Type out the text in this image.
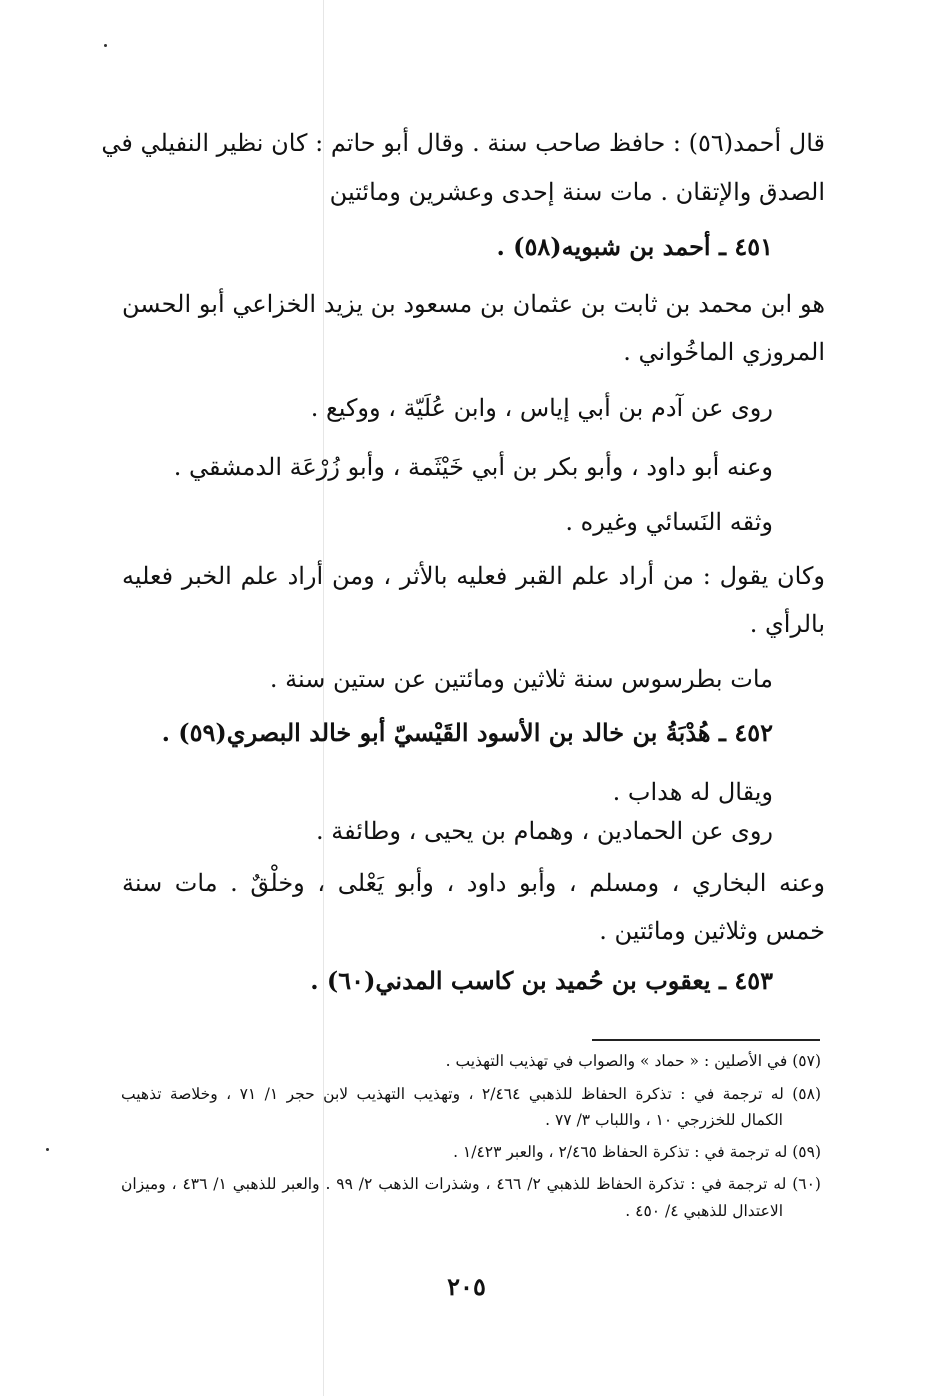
قال أحمد(٥٦) : حافظ صاحب سنة . وقال أبو حاتم : كان نظير النفيلي في
الصدق والإتقان . مات سنة إحدى وعشرين ومائتين
٤٥١ ـ أحمد بن شبويه(٥٨) .
هو ابن محمد بن ثابت بن عثمان بن مسعود بن يزيد الخزاعي أبو الحسن
المروزي الماخُواني .
روى عن آدم بن أبي إياس ، وابن عُلَيّة ، ووكيع .
وعنه أبو داود ، وأبو بكر بن أبي خَيْثَمة ، وأبو زُرْعَة الدمشقي .
وثقه النَسائي وغيره .
وكان يقول : من أراد علم القبر فعليه بالأثر ، ومن أراد علم الخبر فعليه
بالرأي .
مات بطرسوس سنة ثلاثين ومائتين عن ستين سنة .
٤٥٢ ـ هُدْبَةُ بن خالد بن الأسود القَيْسيّ أبو خالد البصري(٥٩) .
ويقال له هداب .
روى عن الحمادين ، وهمام بن يحيى ، وطائفة .
وعنه البخاري ، ومسلم ، وأبو داود ، وأبو يَعْلى ، وخلْقٌ . مات سنة
خمس وثلاثين ومائتين .
٤٥٣ ـ يعقوب بن حُميد بن كاسب المدني(٦٠) .
(٥٧) في الأصلين : « حماد » والصواب في تهذيب التهذيب .
(٥٨) له ترجمة في : تذكرة الحفاظ للذهبي ٢/٤٦٤ ، وتهذيب التهذيب لابن حجر ١/ ٧١ ، وخلاصة تذهيب
الكمال للخزرجي ١٠ ، واللباب ٣/ ٧٧ .
(٥٩) له ترجمة في : تذكرة الحفاظ ٢/٤٦٥ ، والعبر ١/٤٢٣ .
(٦٠) له ترجمة في : تذكرة الحفاظ للذهبي ٢/ ٤٦٦ ، وشذرات الذهب ٢/ ٩٩ . والعبر للذهبي ١/ ٤٣٦ ، وميزان
الاعتدال للذهبي ٤/ ٤٥٠ .
٢٠٥
